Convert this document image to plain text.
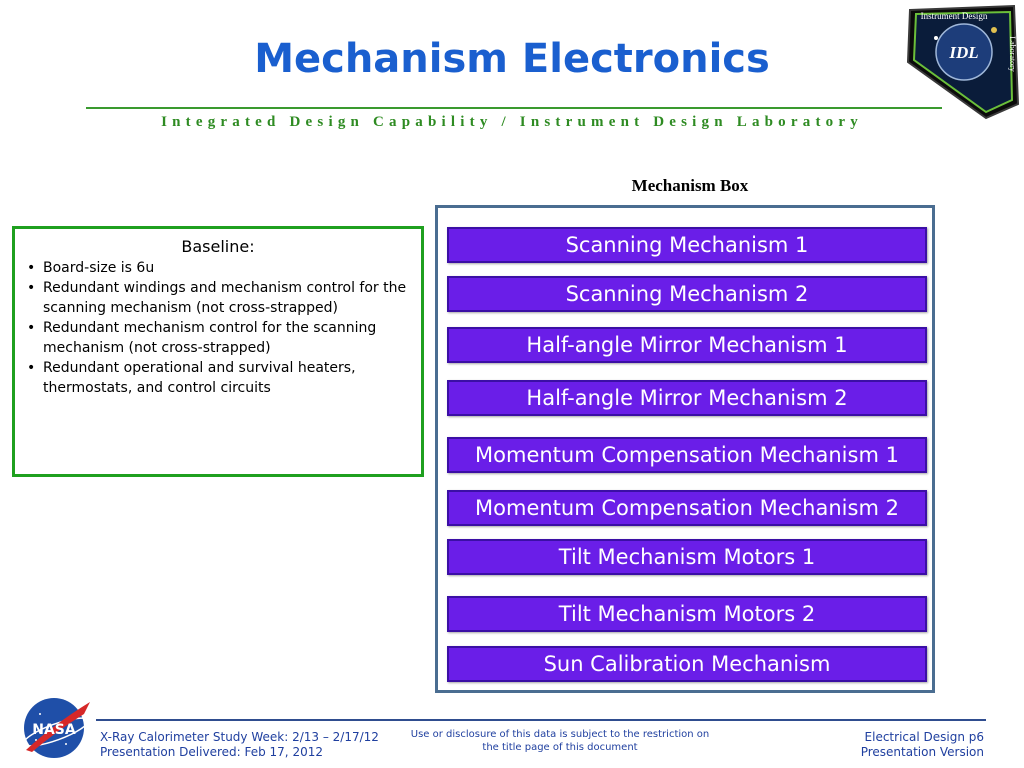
Mechanism Electronics
Integrated Design Capability / Instrument Design Laboratory
IDL
Instrument Design
Laboratory
Mechanism Box
Scanning Mechanism 1
Scanning Mechanism 2
Half-angle Mirror Mechanism 1
Half-angle Mirror Mechanism 2
Momentum Compensation Mechanism 1
Momentum Compensation Mechanism 2
Tilt Mechanism Motors 1
Tilt Mechanism Motors 2
Sun Calibration Mechanism
Baseline:
• Board-size is 6u
• Redundant windings and mechanism control for the scanning mechanism (not cross-strapped)
• Redundant mechanism control for the scanning mechanism (not cross-strapped)
• Redundant operational and survival heaters, thermostats, and control circuits
NASA X-Ray Calorimeter Study Week: 2/13 – 2/17/12
Presentation Delivered: Feb 17, 2012
Use or disclosure of this data is subject to the restriction on the title page of this document
Electrical Design p6
Presentation Version
